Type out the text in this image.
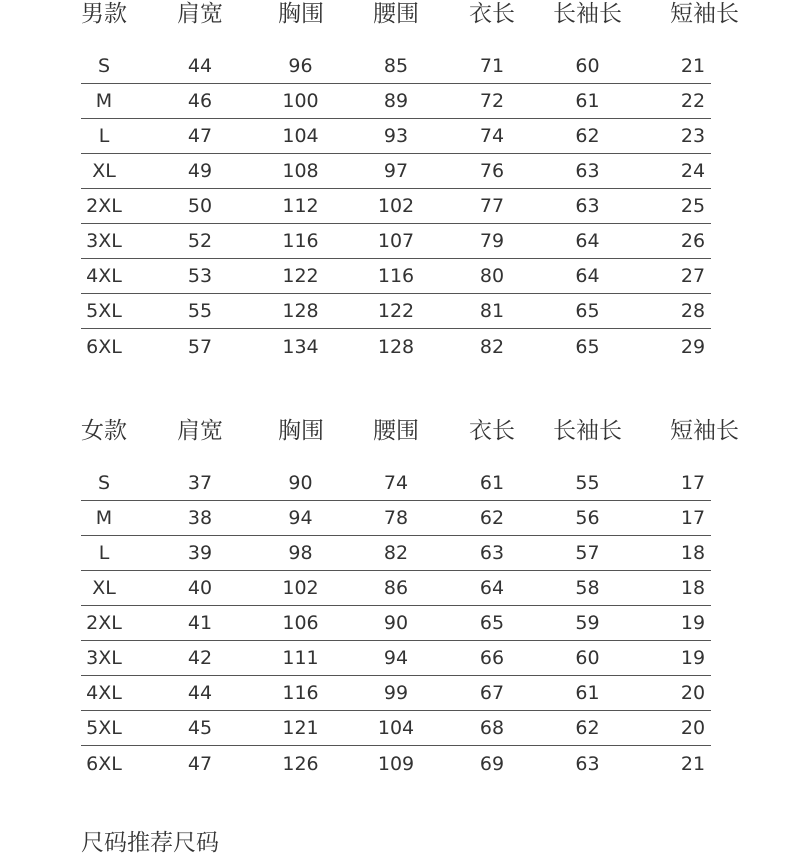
男款	肩宽	胸围	腰围	衣长	长袖长	短袖长
S	44	96	85	71	60	21
M	46	100	89	72	61	22
L	47	104	93	74	62	23
XL	49	108	97	76	63	24
2XL	50	112	102	77	63	25
3XL	52	116	107	79	64	26
4XL	53	122	116	80	64	27
5XL	55	128	122	81	65	28
6XL	57	134	128	82	65	29
女款	肩宽	胸围	腰围	衣长	长袖长	短袖长
S	37	90	74	61	55	17
M	38	94	78	62	56	17
L	39	98	82	63	57	18
XL	40	102	86	64	58	18
2XL	41	106	90	65	59	19
3XL	42	111	94	66	60	19
4XL	44	116	99	67	61	20
5XL	45	121	104	68	62	20
6XL	47	126	109	69	63	21
尺码推荐尺码
